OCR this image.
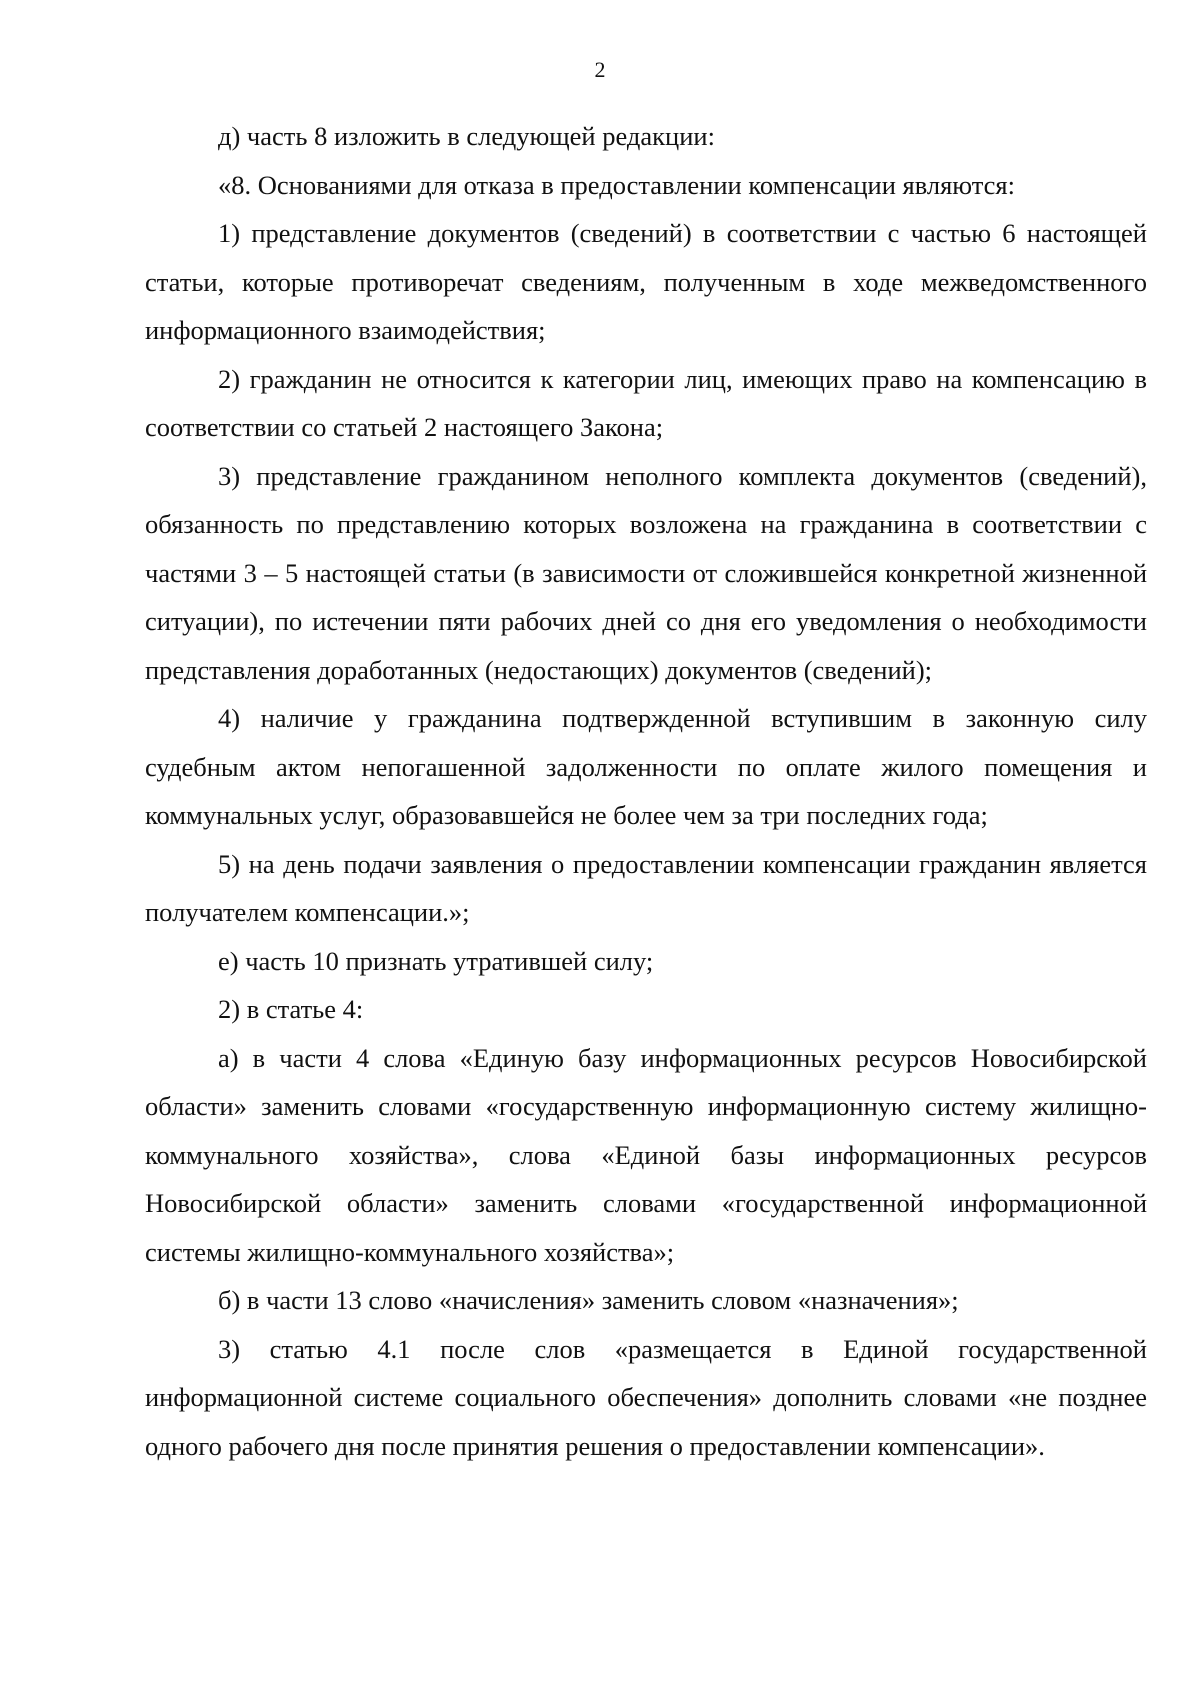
2

д) часть 8 изложить в следующей редакции:

«8. Основаниями для отказа в предоставлении компенсации являются:

1) представление документов (сведений) в соответствии с частью 6 настоящей статьи, которые противоречат сведениям, полученным в ходе межведомственного информационного взаимодействия;

2) гражданин не относится к категории лиц, имеющих право на компенсацию в соответствии со статьей 2 настоящего Закона;

3) представление гражданином неполного комплекта документов (сведений), обязанность по представлению которых возложена на гражданина в соответствии с частями 3 – 5 настоящей статьи (в зависимости от сложившейся конкретной жизненной ситуации), по истечении пяти рабочих дней со дня его уведомления о необходимости представления доработанных (недостающих) документов (сведений);

4) наличие у гражданина подтвержденной вступившим в законную силу судебным актом непогашенной задолженности по оплате жилого помещения и коммунальных услуг, образовавшейся не более чем за три последних года;

5) на день подачи заявления о предоставлении компенсации гражданин является получателем компенсации.»;

е) часть 10 признать утратившей силу;

2) в статье 4:

а) в части 4 слова «Единую базу информационных ресурсов Новосибирской области» заменить словами «государственную информационную систему жилищно-коммунального хозяйства», слова «Единой базы информационных ресурсов Новосибирской области» заменить словами «государственной информационной системы жилищно-коммунального хозяйства»;

б) в части 13 слово «начисления» заменить словом «назначения»;

3) статью 4.1 после слов «размещается в Единой государственной информационной системе социального обеспечения» дополнить словами «не позднее одного рабочего дня после принятия решения о предоставлении компенсации».
